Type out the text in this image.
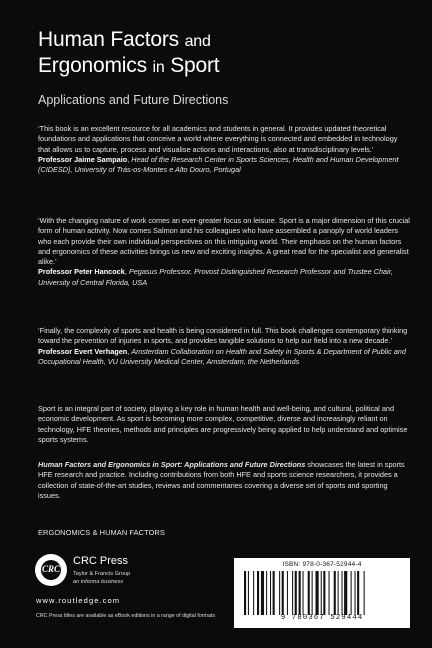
Human Factors and
Ergonomics in Sport
Applications and Future Directions
‘This book is an excellent resource for all academics and students in general. It provides updated theoretical foundations and applications that conceive a world where everything is connected and embedded in technology that allows us to capture, process and visualise actions and interactions, also at transdisciplinary levels.’
Professor Jaime Sampaio, Head of the Research Center in Sports Sciences, Health and Human Development (CIDESD), University of Trás-os-Montes e Alto Douro, Portugal
‘With the changing nature of work comes an ever-greater focus on leisure. Sport is a major dimension of this crucial form of human activity. Now comes Salmon and his colleagues who have assembled a panoply of world leaders who each provide their own individual perspectives on this intriguing world. Their emphasis on the human factors and ergonomics of these activities brings us new and exciting insights. A great read for the specialist and generalist alike.’
Professor Peter Hancock, Pegasus Professor, Provost Distinguished Research Professor and Trustee Chair, University of Central Florida, USA
‘Finally, the complexity of sports and health is being considered in full. This book challenges contemporary thinking toward the prevention of injuries in sports, and provides tangible solutions to help our field into a new decade.’
Professor Evert Verhagen, Amsterdam Collaboration on Health and Safety in Sports & Department of Public and Occupational Health, VU University Medical Center, Amsterdam, the Netherlands
Sport is an integral part of society, playing a key role in human health and well-being, and cultural, political and economic development. As sport is becoming more complex, competitive, diverse and increasingly reliant on technology, HFE theories, methods and principles are progressively being applied to help understand and optimise sports systems.
Human Factors and Ergonomics in Sport: Applications and Future Directions showcases the latest in sports HFE research and practice. Including contributions from both HFE and sports science researchers, it provides a collection of state-of-the-art studies, reviews and commentaries covering a diverse set of sports and sporting issues.
ERGONOMICS & HUMAN FACTORS
CRC
CRC Press
Taylor & Francis Group
an informa business
www.routledge.com
CRC Press titles are available as eBook editions in a range of digital formats
ISBN: 978-0-367-52944-4
9 780367 529444
